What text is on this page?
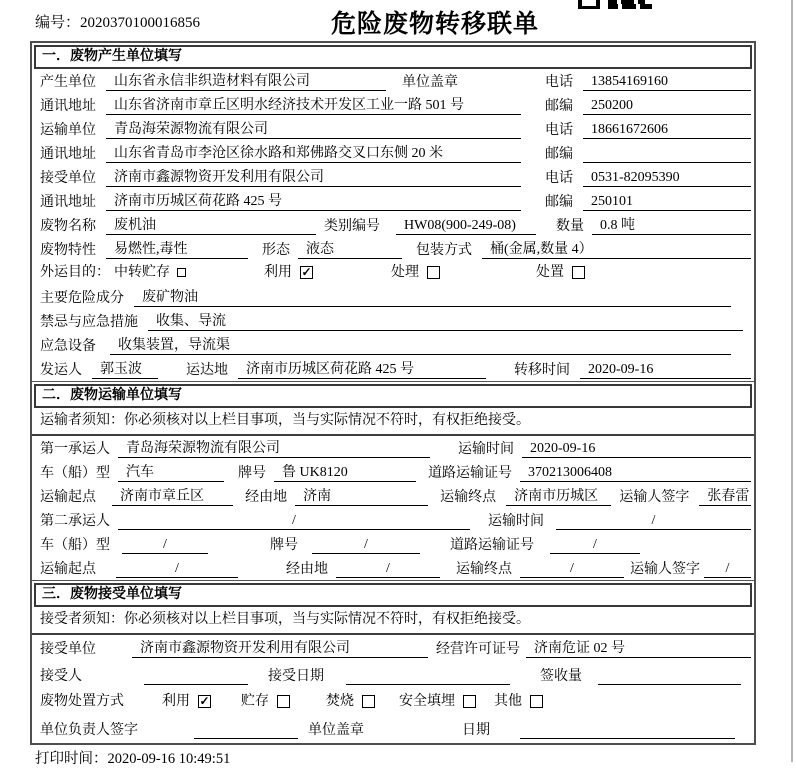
编号：2020370100016856	危险废物转移联单
一．废物产生单位填写
产生单位	山东省永信非织造材料有限公司	单位盖章	电话	13854169160
通讯地址	山东省济南市章丘区明水经济技术开发区工业一路 501 号	邮编	250200
运输单位	青岛海荣源物流有限公司	电话	18661672606
通讯地址	山东省青岛市李沧区徐水路和郑佛路交叉口东侧 20 米	邮编
接受单位	济南市鑫源物资开发利用有限公司	电话	0531-82095390
通讯地址	济南市历城区荷花路 425 号	邮编	250101
废物名称	废机油	类别编号	HW08(900-249-08)	数量	0.8 吨
废物特性	易燃性,毒性	形态	液态	包装方式	桶(金属,数量 4）
外运目的： 中转贮存	利用 ✓	处理	处置
主要危险成分	废矿物油
禁忌与应急措施	收集、导流
应急设备	收集装置，导流渠
发运人	郭玉波	运达地	济南市历城区荷花路 425 号	转移时间	2020-09-16
二．废物运输单位填写
运输者须知：你必须核对以上栏目事项，当与实际情况不符时，有权拒绝接受。
第一承运人	青岛海荣源物流有限公司	运输时间	2020-09-16
车（船）型	汽车	牌号	鲁 UK8120	道路运输证号	370213006408
运输起点	济南市章丘区	经由地	济南	运输终点	济南市历城区	运输人签字	张春雷
第二承运人	/	运输时间	/
车（船）型	/	牌号	/	道路运输证号	/
运输起点	/	经由地	/	运输终点	/	运输人签字	/
三．废物接受单位填写
接受者须知：你必须核对以上栏目事项，当与实际情况不符时，有权拒绝接受。
接受单位	济南市鑫源物资开发利用有限公司	经营许可证号	济南危证 02 号
接受人	接受日期	签收量
废物处置方式	利用 ✓ 贮存	焚烧	安全填埋	其他
单位负责人签字	单位盖章	日期
打印时间：2020-09-16 10:49:51
